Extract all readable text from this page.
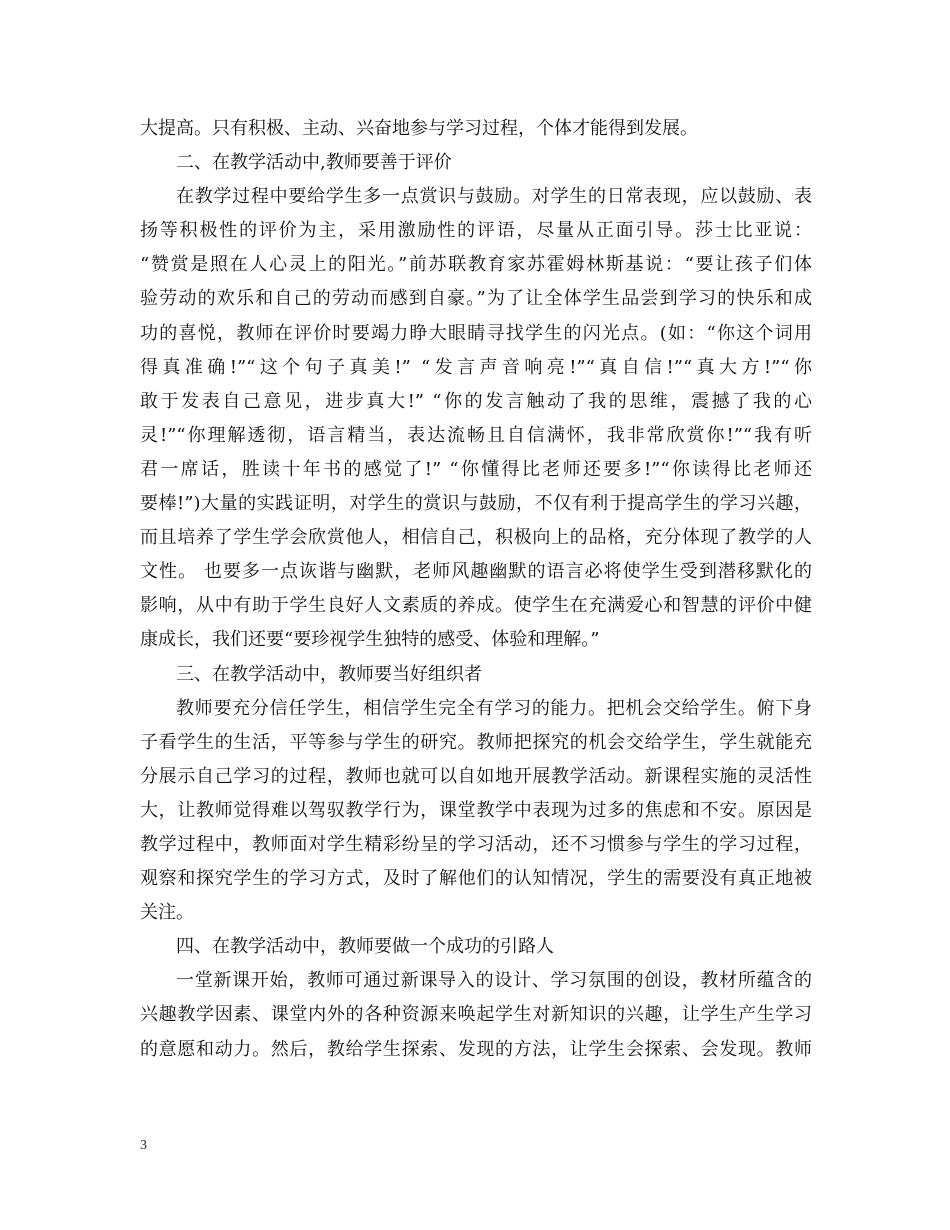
大提高。只有积极、主动、兴奋地参与学习过程，个体才能得到发展。
二、在教学活动中,教师要善于评价
在教学过程中要给学生多一点赏识与鼓励。对学生的日常表现，应以鼓励、表
扬等积极性的评价为主，采用激励性的评语，尽量从正面引导。莎士比亚说：
“赞赏是照在人心灵上的阳光。”前苏联教育家苏霍姆林斯基说：“要让孩子们体
验劳动的欢乐和自己的劳动而感到自豪。”为了让全体学生品尝到学习的快乐和成
功的喜悦，教师在评价时要竭力睁大眼睛寻找学生的闪光点。(如：“你这个词用
得真准确!”“这个句子真美!” “发言声音响亮!”“真自信!”“真大方!”“你
敢于发表自己意见，进步真大!” “你的发言触动了我的思维，震撼了我的心
灵!”“你理解透彻，语言精当，表达流畅且自信满怀，我非常欣赏你!”“我有听
君一席话，胜读十年书的感觉了!” “你懂得比老师还要多!”“你读得比老师还
要棒!”)大量的实践证明，对学生的赏识与鼓励，不仅有利于提高学生的学习兴趣，
而且培养了学生学会欣赏他人，相信自己，积极向上的品格，充分体现了教学的人
文性。 也要多一点诙谐与幽默，老师风趣幽默的语言必将使学生受到潜移默化的
影响，从中有助于学生良好人文素质的养成。使学生在充满爱心和智慧的评价中健
康成长，我们还要“要珍视学生独特的感受、体验和理解。”
三、在教学活动中，教师要当好组织者
教师要充分信任学生，相信学生完全有学习的能力。把机会交给学生。俯下身
子看学生的生活，平等参与学生的研究。教师把探究的机会交给学生，学生就能充
分展示自己学习的过程，教师也就可以自如地开展教学活动。新课程实施的灵活性
大，让教师觉得难以驾驭教学行为，课堂教学中表现为过多的焦虑和不安。原因是
教学过程中，教师面对学生精彩纷呈的学习活动，还不习惯参与学生的学习过程，
观察和探究学生的学习方式，及时了解他们的认知情况，学生的需要没有真正地被
关注。
四、在教学活动中，教师要做一个成功的引路人
一堂新课开始，教师可通过新课导入的设计、学习氛围的创设，教材所蕴含的
兴趣教学因素、课堂内外的各种资源来唤起学生对新知识的兴趣，让学生产生学习
的意愿和动力。然后，教给学生探索、发现的方法，让学生会探索、会发现。教师
3
